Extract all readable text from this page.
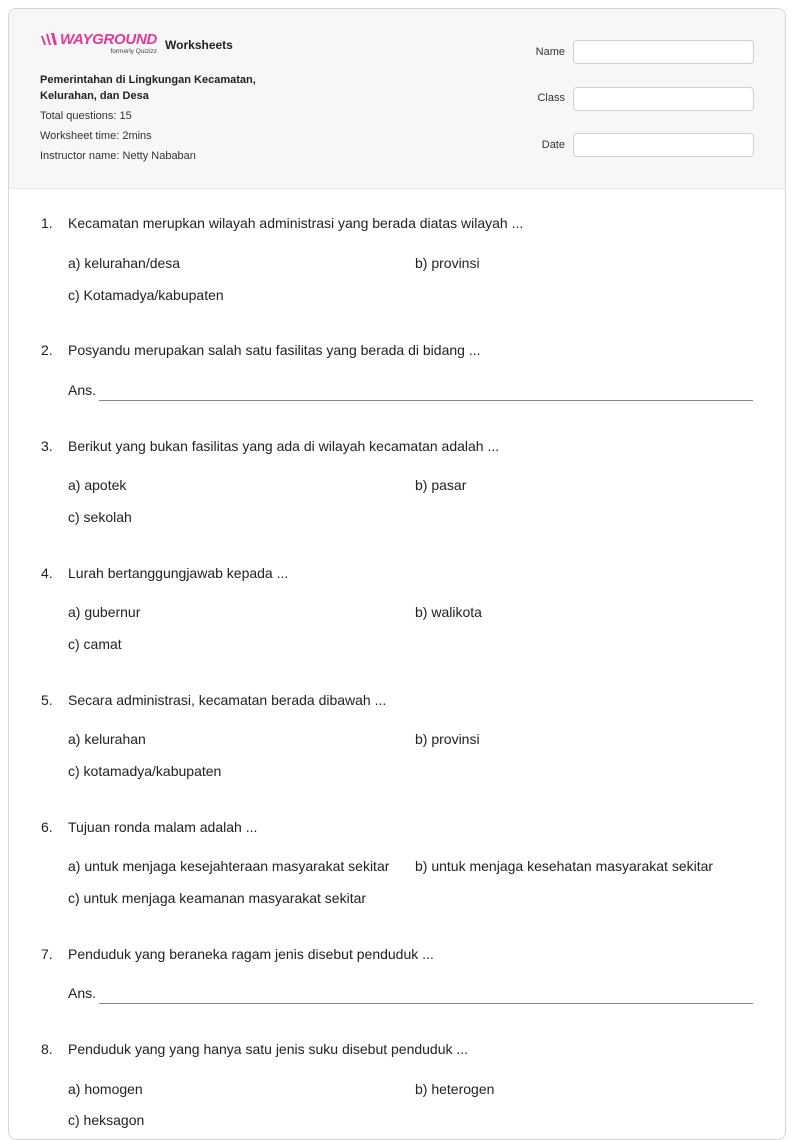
WAYGROUND
formerly Quizizz Worksheets
Pemerintahan di Lingkungan Kecamatan, Kelurahan, dan Desa
Total questions: 15
Worksheet time: 2mins
Instructor name: Netty Nababan
Name
Class
Date
1. Kecamatan merupkan wilayah administrasi yang berada diatas wilayah ...
a) kelurahan/desa	b) provinsi
c) Kotamadya/kabupaten
2. Posyandu merupakan salah satu fasilitas yang berada di bidang ...
Ans.
3. Berikut yang bukan fasilitas yang ada di wilayah kecamatan adalah ...
a) apotek	b) pasar
c) sekolah
4. Lurah bertanggungjawab kepada ...
a) gubernur	b) walikota
c) camat
5. Secara administrasi, kecamatan berada dibawah ...
a) kelurahan	b) provinsi
c) kotamadya/kabupaten
6. Tujuan ronda malam adalah ...
a) untuk menjaga kesejahteraan masyarakat sekitar b) untuk menjaga kesehatan masyarakat sekitar
c) untuk menjaga keamanan masyarakat sekitar
7. Penduduk yang beraneka ragam jenis disebut penduduk ...
Ans.
8. Penduduk yang yang hanya satu jenis suku disebut penduduk ...
a) homogen	b) heterogen
c) heksagon
